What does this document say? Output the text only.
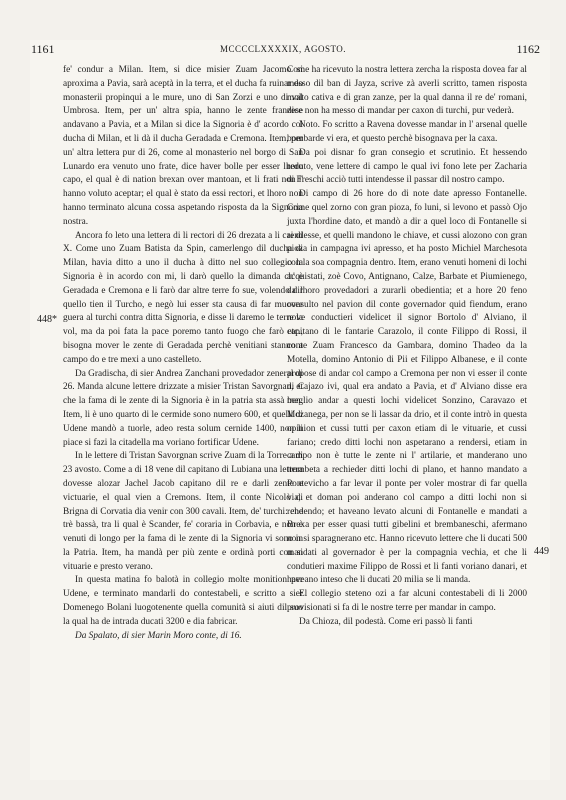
1161	MCCCCLXXXXIX, AGOSTO.	1162
448*
449

fe' condur a Milan. Item, si dice misier Zuam Jacomo si aproxima a Pavia, sarà aceptà in la terra, et el ducha fa ruinar do monasterii propinqui a le mure, uno di San Zorzi e uno di val Umbrosa. Item, per un' altra spia, hanno le zente franzese andavano a Pavia, et a Milan si dice la Signoria è d' acordo col ducha di Milan, et li dà il ducha Geradada e Cremona. Item, per un' altra lettera pur di 26, come al monasterio nel borgo di San Lunardo era venuto uno frate, dice haver bolle per esser lhoro capo, el qual è di nation brexan over mantoan, et li frati non l' hanno voluto aceptar; el qual è stato da essi rectori, et lhoro non hanno terminato alcuna cossa aspetando risposta da la Signoria nostra.

Ancora fo leto una lettera di li rectori di 26 drezata a li cai di X. Come uno Zuam Batista da Spin, camerlengo dil ducha di Milan, havia ditto a uno il ducha à ditto nel suo collegio la Signoria è in acordo con mi, li darò quello la dimanda ch' è Geradada e Cremona e li farò dar altre terre fo sue, volendo dir quello tien il Turcho, e negò lui esser sta causa di far muover guera al turchi contra ditta Signoria, e disse li daremo le terre la vol, ma da poi fata la pace poremo tanto fuogo che farò etc., bisogna mover le zente di Geradada perchè venitiani stanno a campo do e tre mexi a uno castelleto.

Da Gradischa, di sier Andrea Zanchani provedador zeneral di 26. Manda alcune lettere drizzate a misier Tristan Savorgnan, et che la fama di le zente di la Signoria è in la patria sta assà ben. Item, li è uno quarto di le cermide sono numero 600, et quelli di Udene mandò a tuorle, adeo resta solum cernide 1400, non li piace si fazi la citadella ma voriano fortificar Udene.

In le lettere di Tristan Savorgnan scrive Zuam di la Torre a di 23 avosto. Come a di 18 vene dil capitano di Lubiana una lettera dovesse alozar Jachel Jacob capitano dil re e darli zente e victuarie, el qual vien a Cremons. Item, il conte Nicolò di Brigna di Corvatia dia venir con 300 cavali. Item, de' turchi: che trè bassà, tra li qual è Scander, fe' coraria in Corbavia, e non è venuti di longo per la fama di le zente di la Signoria vi sono in la Patria. Item, ha mandà per più zente e ordinà porti con si vituarie e presto verano.

In questa matina fo balotà in collegio molte monition per Udene, e terminato mandarli do contestabeli, e scritto a sier Domenego Bolani luogotenente quella comunità si aiuti dil suo la qual ha de intrada ducati 3200 e dia fabricar.

Da Spalato, di sier Marin Moro conte, di 16.

Come ha ricevuto la nostra lettera zercha la risposta dovea far al messo dil ban di Jayza, scrive zà averli scritto, tamen risposta molto cativa e di gran zanze, per la qual danna il re de' romani, dice non ha messo di mandar per caxon di turchi, pur vederà.

Noto. Fo scritto a Ravena dovesse mandar in l' arsenal quelle bombarde vi era, et questo perchè bisognava per la caxa.

Da poi disnar fo gran consegio et scrutinio. Et hessendo reduto, vene lettere di campo le qual ivi fono lete per Zacharia di Freschi acciò tutti intendesse il passar dil nostro campo.

Di campo di 26 hore do di note date apresso Fontanelle. Come quel zorno con gran pioza, fo luni, si levono et passò Ojo juxta l'hordine dato, et mandò a dir a quel loco di Fontanelle si rendesse, et quelli mandono le chiave, et cussi alozono con gran pioza in campagna ivi apresso, et ha posto Michiel Marchesota con la soa compagnia dentro. Item, erano venuti homeni di lochi acquistati, zoè Covo, Antignano, Calze, Barbate et Piumienego, da lhoro provedadori a zurarli obedientia; et a hore 20 feno consulto nel pavion dil conte governador quid fiendum, erano nove conductieri videlicet il signor Bortolo d' Alviano, il capitano di le fantarie Carazolo, il conte Filippo di Rossi, il conte Zuam Francesco da Gambara, domino Thadeo da la Motella, domino Antonio di Pii et Filippo Albanese, e il conte propose di andar col campo a Cremona per non vi esser il conte di Cajazo ivi, qual era andato a Pavia, et d' Alviano disse era meglio andar a questi lochi videlicet Sonzino, Caravazo et Mozanega, per non se li lassar da drio, et il conte intrò in questa opinion et cussi tutti per caxon etiam di le vituarie, et cussi fariano; credo ditti lochi non aspetarano a rendersi, etiam in campo non è tutte le zente ni l' artilarie, et manderano uno trombeta a rechieder ditti lochi di plano, et hanno mandato a Pontevicho a far levar il ponte per voler mostrar di far quella via, et doman poi anderano col campo a ditti lochi non si rendendo; et haveano levato alcuni di Fontanelle e mandati a Brexa per esser quasi tutti gibelini et brembaneschi, afermano non si sparagnerano etc. Hanno ricevuto lettere che li ducati 500 mandati al governador è per la compagnia vechia, et che li condutieri maxime Filippo de Rossi et li fanti voriano danari, et haveano inteso che li ducati 20 milia se li manda.

El collegio steteno ozi a far alcuni contestabeli di li 2000 provisionati si fa di le nostre terre per mandar in campo.

Da Chioza, dil podestà. Come eri passò li fanti
